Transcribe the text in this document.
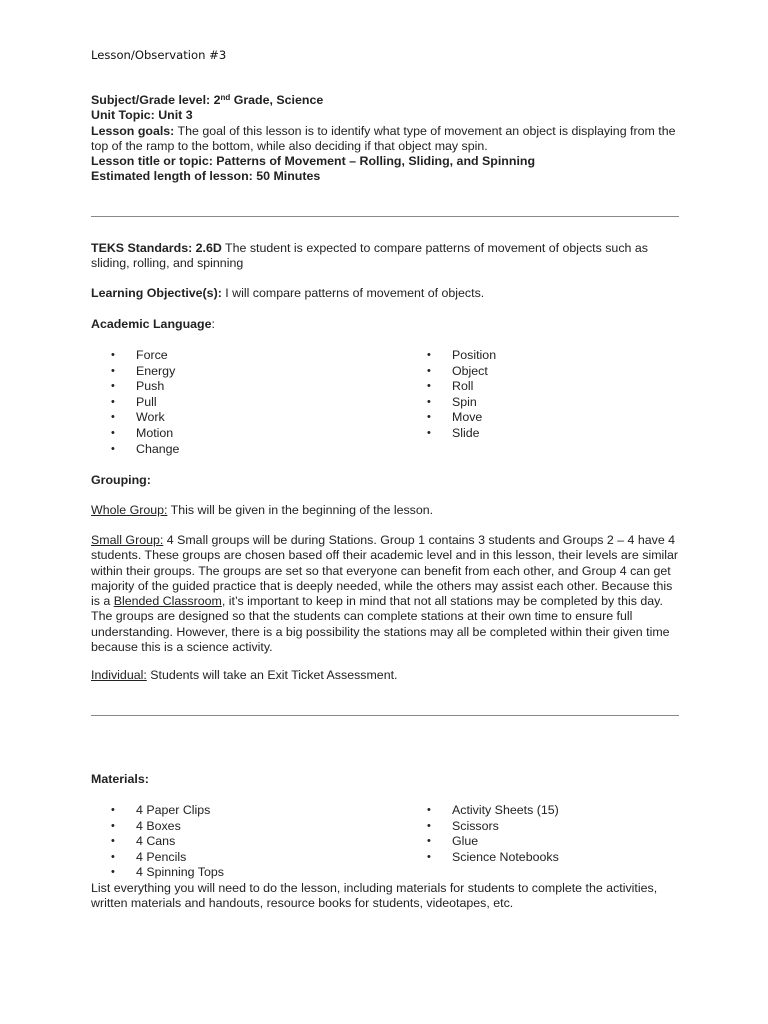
Lesson/Observation #3

Subject/Grade level: 2nd Grade, Science

Unit Topic: Unit 3

Lesson goals: The goal of this lesson is to identify what type of movement an object is displaying from the top of the ramp to the bottom, while also deciding if that object may spin.

Lesson title or topic: Patterns of Movement – Rolling, Sliding, and Spinning

Estimated length of lesson: 50 Minutes

TEKS Standards: 2.6D The student is expected to compare patterns of movement of objects such as sliding, rolling, and spinning

Learning Objective(s): I will compare patterns of movement of objects.

Academic Language:

• Force
• Energy
• Push
• Pull
• Work
• Motion
• Change
• Position
• Object
• Roll
• Spin
• Move
• Slide

Grouping:

Whole Group: This will be given in the beginning of the lesson.

Small Group: 4 Small groups will be during Stations. Group 1 contains 3 students and Groups 2 – 4 have 4 students. These groups are chosen based off their academic level and in this lesson, their levels are similar within their groups. The groups are set so that everyone can benefit from each other, and Group 4 can get majority of the guided practice that is deeply needed, while the others may assist each other. Because this is a Blended Classroom, it’s important to keep in mind that not all stations may be completed by this day. The groups are designed so that the students can complete stations at their own time to ensure full understanding. However, there is a big possibility the stations may all be completed within their given time because this is a science activity.

Individual: Students will take an Exit Ticket Assessment.

Materials:

• 4 Paper Clips
• 4 Boxes
• 4 Cans
• 4 Pencils
• 4 Spinning Tops
• Activity Sheets (15)
• Scissors
• Glue
• Science Notebooks

List everything you will need to do the lesson, including materials for students to complete the activities, written materials and handouts, resource books for students, videotapes, etc.
